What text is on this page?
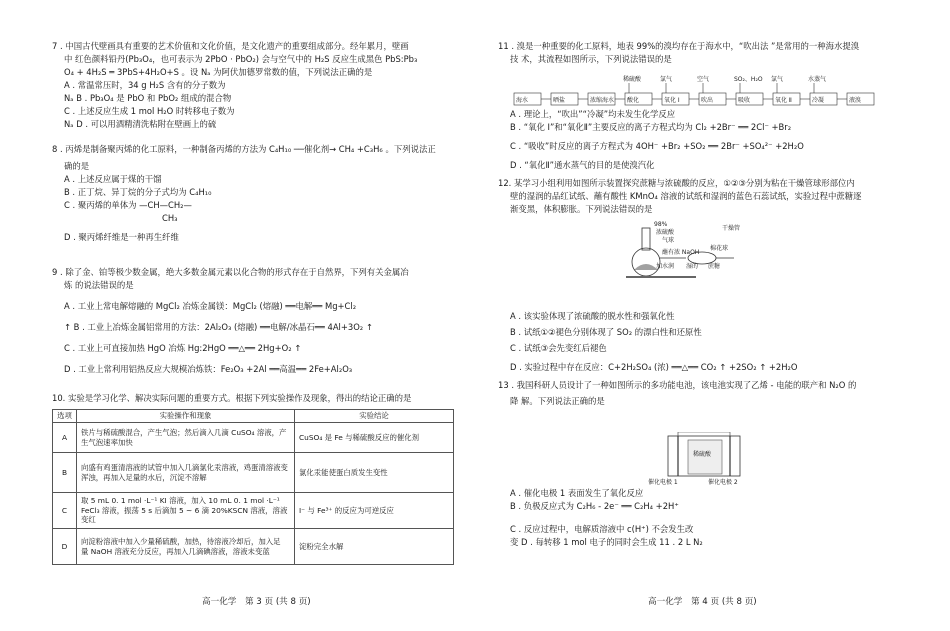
7 . 中国古代壁画具有重要的艺术价值和文化价值，是文化遗产的重要组成部分。经年累月，壁画
中 红色颜料铅丹(Pb₃O₄，也可表示为 2PbO · PbO₂) 会与空气中的 H₂S 反应生成黑色 PbS:Pb₃
O₄ + 4H₂S ═ 3PbS+4H₂O+S 。设 Nₐ 为阿伏加德罗常数的值，下列说法正确的是
A . 常温常压时，34 g H₂S 含有的分子数为
Nₐ B . Pb₃O₄ 是 PbO 和 PbO₂ 组成的混合物
C . 上述反应生成 1 mol H₂O 时转移电子数为
Nₐ D . 可以用酒精清洗粘附在壁画上的硫
8 . 丙烯是制备聚丙烯的化工原料，一种制备丙烯的方法为 C₄H₁₀ ──催化剂→ CH₄ +C₃H₆ 。下列说法正
确的是
A . 上述反应属于煤的干馏
B . 正丁烷、异丁烷的分子式均为 C₄H₁₀
C . 聚丙烯的单体为 —CH—CH₂—
CH₃
D . 聚丙烯纤维是一种再生纤维
9 . 除了金、铂等极少数金属，绝大多数金属元素以化合物的形式存在于自然界，下列有关金属冶
炼 的说法错误的是
A . 工业上常电解熔融的 MgCl₂ 冶炼金属镁：MgCl₂ (熔融) ══电解══ Mg+Cl₂
↑ B . 工业上冶炼金属铝常用的方法：2Al₂O₃ (熔融) ══电解/冰晶石══ 4Al+3O₂ ↑
C . 工业上可直接加热 HgO 冶炼 Hg:2HgO ══△══ 2Hg+O₂ ↑
D . 工业上常利用铝热反应大规模冶炼铁：Fe₂O₃ +2Al ══高温══ 2Fe+Al₂O₃
10. 实验是学习化学、解决实际问题的重要方式。根据下列实验操作及现象，得出的结论正确的是
选项	实验操作和现象	实验结论
A	铁片与稀硫酸混合，产生气泡；然后滴入几滴 CuSO₄ 溶液，产 生气泡速率加快	CuSO₄ 是 Fe 与稀硫酸反应的催化剂
B	向盛有鸡蛋清溶液的试管中加入几滴氯化汞溶液，鸡蛋清溶液变浑浊，再加入足量的水后，沉淀不溶解	氯化汞能使蛋白质发生变性
C	取 5 mL 0. 1 mol ·L⁻¹ KI 溶液，加入 10 mL 0. 1 mol ·L⁻¹ FeCl₃ 溶液，振荡 5 s 后滴加 5 ~ 6 滴 20%KSCN 溶液，溶液变红	I⁻ 与 Fe³⁺ 的反应为可逆反应
D	向淀粉溶液中加入少量稀硫酸，加热，待溶液冷却后，加入足 量 NaOH 溶液充分反应，再加入几滴碘溶液，溶液未变蓝	淀粉完全水解
高一化学　第 3 页 (共 8 页)
11 . 溴是一种重要的化工原料，地表 99%的溴均存在于海水中，“吹出法 ”是常用的一种海水提溴
技 术，其流程如图所示，下列说法错误的是
稀硫酸	氯气	空气	SO₂、H₂O 氯气	水蒸气
海水	晒盐	浓缩海水 酸化	氧化 Ⅰ	吹出	吸收	氧化 Ⅱ	冷凝	液溴
A . 理论上，“吹出”“冷凝”均未发生化学反应
B . “氧化 Ⅰ”和“氧化Ⅱ”主要反应的离子方程式均为 Cl₂ +2Br⁻ ══ 2Cl⁻ +Br₂
C . “吸收”时反应的离子方程式为 4OH⁻ +Br₂ +SO₂ ══ 2Br⁻ +SO₄²⁻ +2H₂O
D . “氧化Ⅱ”通水蒸气的目的是使溴汽化
12. 某学习小组利用如图所示装置探究蔗糖与浓硫酸的反应，①②③分别为粘在干燥管球形部位内
壁的湿润的品红试纸、蘸有酸性 KMnO₄ 溶液的试纸和湿润的蓝色石蕊试纸，实验过程中蔗糖逐
渐变黑，体积膨胀。下列说法错误的是
98%
浓硫酸
气球
蘸有浓 NaOH
加水润 湿的 蔗糖
棉花球
干燥管
A . 该实验体现了浓硫酸的脱水性和强氧化性
B . 试纸①②褪色分别体现了 SO₂ 的漂白性和还原性
C . 试纸③会先变红后褪色
D . 实验过程中存在反应：C+2H₂SO₄ (浓) ══△══ CO₂ ↑ +2SO₂ ↑ +2H₂O
13 . 我国科研人员设计了一种如图所示的多功能电池，该电池实现了乙烯 - 电能的联产和 N₂O 的
降 解。下列说法正确的是
稀硫酸
催化电极 1	催化电极 2
A . 催化电极 1 表面发生了氧化反应
B . 负极反应式为 C₂H₆ - 2e⁻ ══ C₂H₄ +2H⁺
C . 反应过程中，电解质溶液中 c(H⁺) 不会发生改
变 D . 每转移 1 mol 电子的同时会生成 11 . 2 L N₂
高一化学　第 4 页 (共 8 页)
